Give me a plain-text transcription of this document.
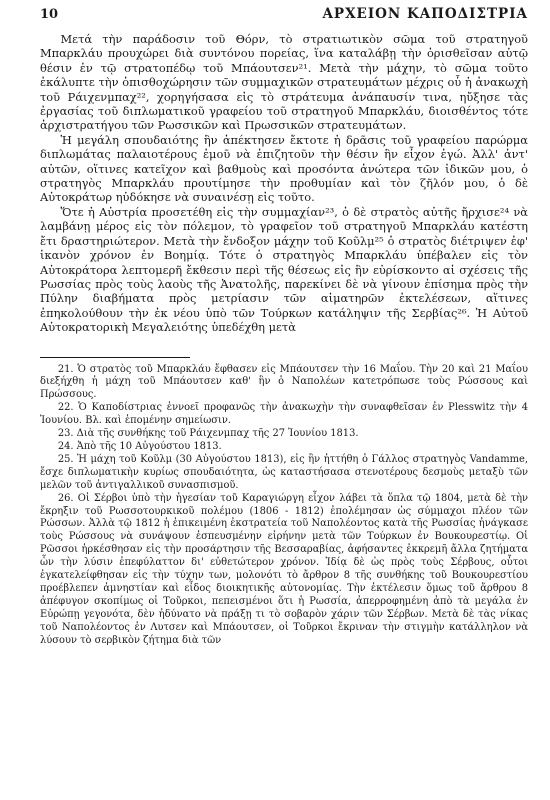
10	ΑΡΧΕΙΟΝ ΚΑΠΟΔΙΣΤΡΙΑ

Μετά τὴν παράδοσιν τοῦ Θόρν, τὸ στρατιωτικὸν σῶμα τοῦ στρατηγοῦ Μπαρκλάυ προυχώρει διὰ συντόνου πορείας, ἵνα καταλάβῃ τὴν ὁρισθεῖσαν αὐτῷ θέσιν ἐν τῷ στρατοπέδῳ τοῦ Μπάουτσεν²¹. Μετὰ τὴν μάχην, τὸ σῶμα τοῦτο ἐκάλυπτε τὴν ὀπισθοχώρησιν τῶν συμμαχικῶν στρατευμάτων μέχρις οὗ ἡ ἀνακωχὴ τοῦ Ράιχενμπαχ²², χορηγήσασα εἰς τὸ στράτευμα ἀνάπαυσίν τινα, ηὔξησε τὰς ἐργασίας τοῦ διπλωματικοῦ γραφείου τοῦ στρατηγοῦ Μπαρκλάυ, διοισθέντος τότε ἀρχιστρατήγου τῶν Ρωσσικῶν καὶ Πρωσσικῶν στρατευμάτων.

Ἡ μεγάλη σπουδαιότης ἣν ἀπέκτησεν ἔκτοτε ἡ δρᾶσις τοῦ γραφείου παρώρμα διπλωμάτας παλαιοτέρους ἐμοῦ νὰ ἐπιζητοῦν τὴν θέσιν ἣν εἶχον ἐγώ. Ἀλλ' ἀντ' αὐτῶν, οἵτινες κατεῖχον καὶ βαθμοὺς καὶ προσόντα ἀνώτερα τῶν ἰδικῶν μου, ὁ στρατηγὸς Μπαρκλάυ προυτίμησε τὴν προθυμίαν καὶ τὸν ζῆλόν μου, ὁ δὲ Αὐτοκράτωρ ηὐδόκησε νὰ συναινέσῃ εἰς τοῦτο.

Ὅτε ἡ Αὐστρία προσετέθη εἰς τὴν συμμαχίαν²³, ὁ δὲ στρατὸς αὐτῆς ἤρχισε²⁴ νὰ λαμβάνῃ μέρος εἰς τὸν πόλεμον, τὸ γραφεῖον τοῦ στρατηγοῦ Μπαρκλάυ κατέστη ἔτι δραστηριώτερον. Μετὰ τὴν ἔνδοξον μάχην τοῦ Κοῦλμ²⁵ ὁ στρατὸς διέτριψεν ἐφ' ἱκανὸν χρόνον ἐν Βοημίᾳ. Τότε ὁ στρατηγὸς Μπαρκλάυ ὑπέβαλεν εἰς τὸν Αὐτοκράτορα λεπτομερῆ ἔκθεσιν περὶ τῆς θέσεως εἰς ἣν εὑρίσκοντο αἱ σχέσεις τῆς Ρωσσίας πρὸς τοὺς λαοὺς τῆς Ἀνατολῆς, παρεκίνει δὲ νὰ γίνουν ἐπίσημα πρὸς τὴν Πύλην διαβήματα πρὸς μετρίασιν τῶν αἱματηρῶν ἐκτελέσεων, αἵτινες ἐπηκολούθουν τὴν ἐκ νέου ὑπὸ τῶν Τούρκων κατάληψιν τῆς Σερβίας²⁶. Ἡ Αὐτοῦ Αὐτοκρατορικὴ Μεγαλειότης ὑπεδέχθη μετὰ

21. Ὁ στρατὸς τοῦ Μπαρκλάυ ἔφθασεν εἰς Μπάουτσεν τὴν 16 Μαΐου. Τὴν 20 καὶ 21 Μαΐου διεξήχθη ἡ μάχη τοῦ Μπάουτσεν καθ' ἣν ὁ Ναπολέων κατετρόπωσε τοὺς Ρώσσους καὶ Πρώσσους.

22. Ὁ Καποδίστριας ἐννοεῖ προφανῶς τὴν ἀνακωχὴν τὴν συναφθεῖσαν ἐν Plesswitz τὴν 4 Ἰουνίου. Βλ. καὶ ἑπομένην σημείωσιν.

23. Διὰ τῆς συνθήκης τοῦ Ράιχενμπαχ τῆς 27 Ἰουνίου 1813.

24. Ἀπὸ τῆς 10 Αὐγούστου 1813.

25. Ἡ μάχη τοῦ Κοῦλμ (30 Αὐγούστου 1813), εἰς ἣν ἡττήθη ὁ Γάλλος στρατηγὸς Vandamme, ἔσχε διπλωματικὴν κυρίως σπουδαιότητα, ὡς καταστήσασα στενοτέρους δεσμοὺς μεταξὺ τῶν μελῶν τοῦ ἀντιγαλλικοῦ συνασπισμοῦ.

26. Οἱ Σέρβοι ὑπὸ τὴν ἡγεσίαν τοῦ Καραγιώργη εἶχον λάβει τὰ ὅπλα τῷ 1804, μετὰ δὲ τὴν ἔκρηξιν τοῦ Ρωσσοτουρκικοῦ πολέμου (1806 - 1812) ἐπολέμησαν ὡς σύμμαχοι πλέον τῶν Ρώσσων. Ἀλλὰ τῷ 1812 ἡ ἐπικειμένη ἐκστρατεία τοῦ Ναπολέοντος κατὰ τῆς Ρωσσίας ἠνάγκασε τοὺς Ρώσσους νὰ συνάψουν ἐσπευσμένην εἰρήνην μετὰ τῶν Τούρκων ἐν Βουκουρεστίῳ. Οἱ Ρῶσσοι ἠρκέσθησαν εἰς τὴν προσάρτησιν τῆς Βεσσαραβίας, ἀφήσαντες ἐκκρεμῆ ἄλλα ζητήματα ὧν τὴν λύσιν ἐπεφύλαττον δι' εὐθετώτερον χρόνον. Ἰδίᾳ δὲ ὡς πρὸς τοὺς Σέρβους, οὗτοι ἐγκατελείφθησαν εἰς τὴν τύχην των, μολονότι τὸ ἄρθρον 8 τῆς συνθήκης τοῦ Βουκουρεστίου προέβλεπεν ἀμνηστίαν καὶ εἶδος διοικητικῆς αὐτονομίας. Τὴν ἐκτέλεσιν ὅμως τοῦ ἄρθρου 8 ἀπέφυγον σκοπίμως οἱ Τοῦρκοι, πεπεισμένοι ὅτι ἡ Ρωσσία, ἀπερροφημένη ἀπὸ τὰ μεγάλα ἐν Εὐρώπῃ γεγονότα, δὲν ἠδύνατο νὰ πράξῃ τι τὸ σοβαρὸν χάριν τῶν Σέρβων. Μετὰ δὲ τὰς νίκας τοῦ Ναπολέοντος ἐν Λυτσεν καὶ Μπάουτσεν, οἱ Τοῦρκοι ἔκριναν τὴν στιγμὴν κατάλληλον νὰ λύσουν τὸ σερβικὸν ζήτημα διὰ τῶν
